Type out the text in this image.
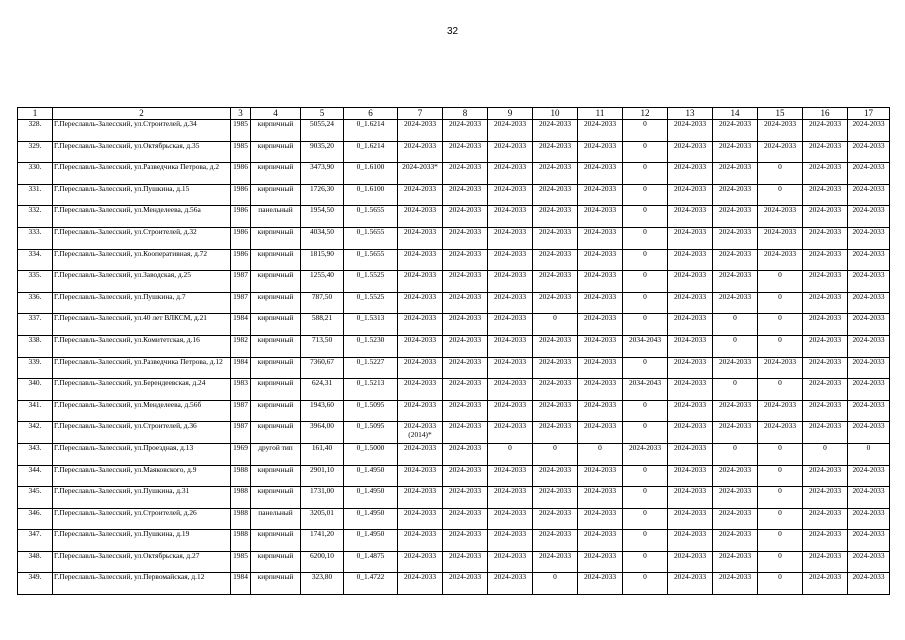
32
1	2	3	4	5	6	7	8	9	10	11	12	13	14	15	16	17
328.	Г.Переславль-Залесский, ул.Строителей, д.34	1985	кирпичный	5055,24	0_1.6214	2024-2033	2024-2033	2024-2033	2024-2033	2024-2033	0	2024-2033	2024-2033	2024-2033	2024-2033	2024-2033
329.	Г.Переславль-Залесский, ул.Октябрьская, д.35	1985	кирпичный	9035,20	0_1.6214	2024-2033	2024-2033	2024-2033	2024-2033	2024-2033	0	2024-2033	2024-2033	2024-2033	2024-2033	2024-2033
330.	Г.Переславль-Залесский, ул.Разведчика Петрова, д.2	1986	кирпичный	3473,90	0_1.6100	2024-2033*	2024-2033	2024-2033	2024-2033	2024-2033	0	2024-2033	2024-2033	0	2024-2033	2024-2033
331.	Г.Переславль-Залесский, ул.Пушкина, д.15	1986	кирпичный	1726,30	0_1.6100	2024-2033	2024-2033	2024-2033	2024-2033	2024-2033	0	2024-2033	2024-2033	0	2024-2033	2024-2033
332.	Г.Переславль-Залесский, ул.Менделеева, д.56а	1986	панельный	1954,50	0_1.5655	2024-2033	2024-2033	2024-2033	2024-2033	2024-2033	0	2024-2033	2024-2033	2024-2033	2024-2033	2024-2033
333.	Г.Переславль-Залесский, ул.Строителей, д.32	1986	кирпичный	4034,50	0_1.5655	2024-2033	2024-2033	2024-2033	2024-2033	2024-2033	0	2024-2033	2024-2033	2024-2033	2024-2033	2024-2033
334.	Г.Переславль-Залесский, ул.Кооперативная, д.72	1986	кирпичный	1815,90	0_1.5655	2024-2033	2024-2033	2024-2033	2024-2033	2024-2033	0	2024-2033	2024-2033	2024-2033	2024-2033	2024-2033
335.	Г.Переславль-Залесский, ул.Заводская, д.25	1987	кирпичный	1255,40	0_1.5525	2024-2033	2024-2033	2024-2033	2024-2033	2024-2033	0	2024-2033	2024-2033	0	2024-2033	2024-2033
336.	Г.Переславль-Залесский, ул.Пушкина, д.7	1987	кирпичный	787,50	0_1.5525	2024-2033	2024-2033	2024-2033	2024-2033	2024-2033	0	2024-2033	2024-2033	0	2024-2033	2024-2033
337.	Г.Переславль-Залесский, ул.40 лет ВЛКСМ, д.21	1984	кирпичный	588,21	0_1.5313	2024-2033	2024-2033	2024-2033	0	2024-2033	0	2024-2033	0	0	2024-2033	2024-2033
338.	Г.Переславль-Залесский, ул.Комитетская, д.16	1982	кирпичный	713,50	0_1.5230	2024-2033	2024-2033	2024-2033	2024-2033	2024-2033	2034-2043	2024-2033	0	0	2024-2033	2024-2033
339.	Г.Переславль-Залесский, ул.Разведчика Петрова, д.12	1984	кирпичный	7360,67	0_1.5227	2024-2033	2024-2033	2024-2033	2024-2033	2024-2033	0	2024-2033	2024-2033	2024-2033	2024-2033	2024-2033
340.	Г.Переславль-Залесский, ул.Берендеевская, д.24	1983	кирпичный	624,31	0_1.5213	2024-2033	2024-2033	2024-2033	2024-2033	2024-2033	2034-2043	2024-2033	0	0	2024-2033	2024-2033
341.	Г.Переславль-Залесский, ул.Менделеева, д.56б	1987	кирпичный	1943,60	0_1.5095	2024-2033	2024-2033	2024-2033	2024-2033	2024-2033	0	2024-2033	2024-2033	2024-2033	2024-2033	2024-2033
342.	Г.Переславль-Залесский, ул.Строителей, д.36	1987	кирпичный	3964,00	0_1.5095	2024-2033 (2014)*	2024-2033	2024-2033	2024-2033	2024-2033	0	2024-2033	2024-2033	2024-2033	2024-2033	2024-2033
343.	Г.Переславль-Залесский, ул.Проездная, д.13	1969	другой тип	161,40	0_1.5000	2024-2033	2024-2033	0	0	0	2024-2033	2024-2033	0	0	0	0
344.	Г.Переславль-Залесский, ул.Маяковского, д.9	1988	кирпичный	2901,10	0_1.4950	2024-2033	2024-2033	2024-2033	2024-2033	2024-2033	0	2024-2033	2024-2033	0	2024-2033	2024-2033
345.	Г.Переславль-Залесский, ул.Пушкина, д.31	1988	кирпичный	1731,00	0_1.4950	2024-2033	2024-2033	2024-2033	2024-2033	2024-2033	0	2024-2033	2024-2033	0	2024-2033	2024-2033
346.	Г.Переславль-Залесский, ул.Строителей, д.26	1988	панельный	3205,01	0_1.4950	2024-2033	2024-2033	2024-2033	2024-2033	2024-2033	0	2024-2033	2024-2033	0	2024-2033	2024-2033
347.	Г.Переславль-Залесский, ул.Пушкина, д.19	1988	кирпичный	1741,20	0_1.4950	2024-2033	2024-2033	2024-2033	2024-2033	2024-2033	0	2024-2033	2024-2033	0	2024-2033	2024-2033
348.	Г.Переславль-Залесский, ул.Октябрьская, д.27	1985	кирпичный	6200,10	0_1.4875	2024-2033	2024-2033	2024-2033	2024-2033	2024-2033	0	2024-2033	2024-2033	0	2024-2033	2024-2033
349.	Г.Переславль-Залесский, ул.Первомайская, д.12	1984	кирпичный	323,80	0_1.4722	2024-2033	2024-2033	2024-2033	0	2024-2033	0	2024-2033	2024-2033	0	2024-2033	2024-2033
